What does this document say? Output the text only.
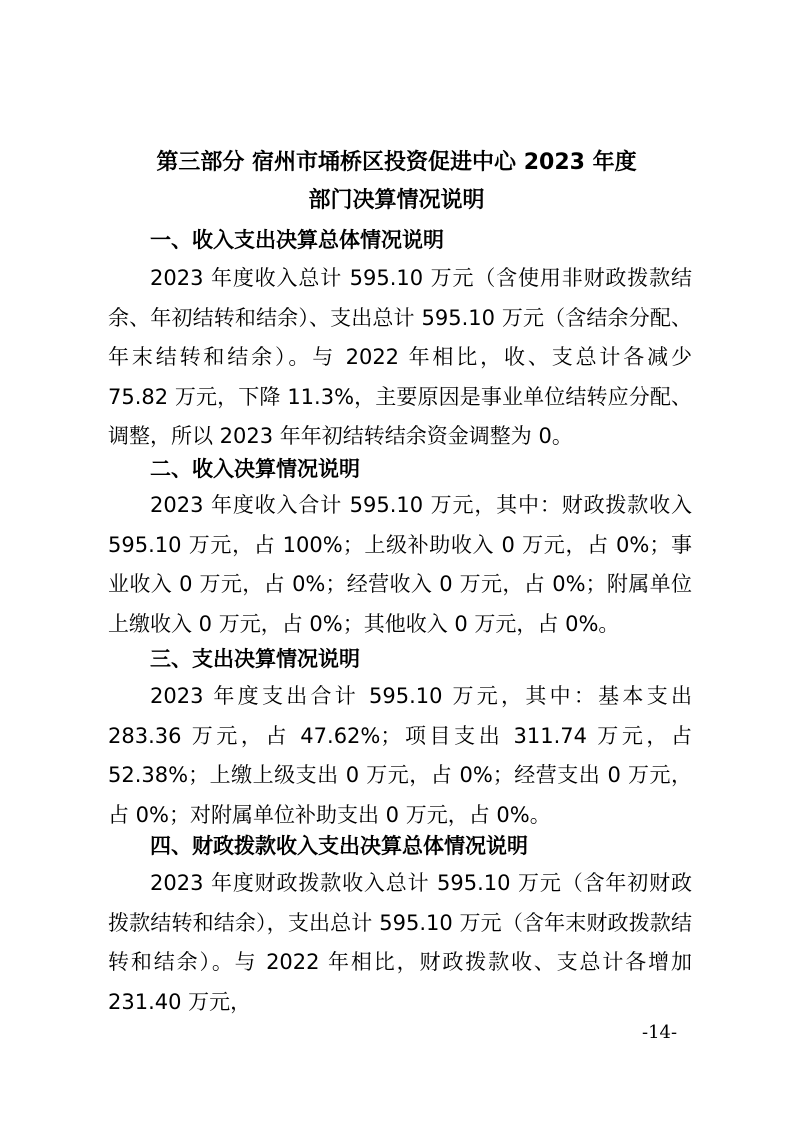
第三部分 宿州市埇桥区投资促进中心 2023 年度
部门决算情况说明
一、收入支出决算总体情况说明

2023 年度收入总计 595.10 万元（含使用非财政拨款结余、年初结转和结余）、支出总计 595.10 万元（含结余分配、年末结转和结余）。与 2022 年相比，收、支总计各减少 75.82 万元，下降 11.3%，主要原因是事业单位结转应分配、调整，所以 2023 年年初结转结余资金调整为 0。

二、收入决算情况说明

2023 年度收入合计 595.10 万元，其中：财政拨款收入 595.10 万元，占 100%；上级补助收入 0 万元，占 0%；事业收入 0 万元，占 0%；经营收入 0 万元，占 0%；附属单位上缴收入 0 万元，占 0%；其他收入 0 万元，占 0%。

三、支出决算情况说明

2023 年度支出合计 595.10 万元，其中：基本支出 283.36 万元，占 47.62%；项目支出 311.74 万元，占 52.38%；上缴上级支出 0 万元，占 0%；经营支出 0 万元，占 0%；对附属单位补助支出 0 万元，占 0%。

四、财政拨款收入支出决算总体情况说明

2023 年度财政拨款收入总计 595.10 万元（含年初财政拨款结转和结余），支出总计 595.10 万元（含年末财政拨款结转和结余）。与 2022 年相比，财政拨款收、支总计各增加 231.40 万元，

-14-
